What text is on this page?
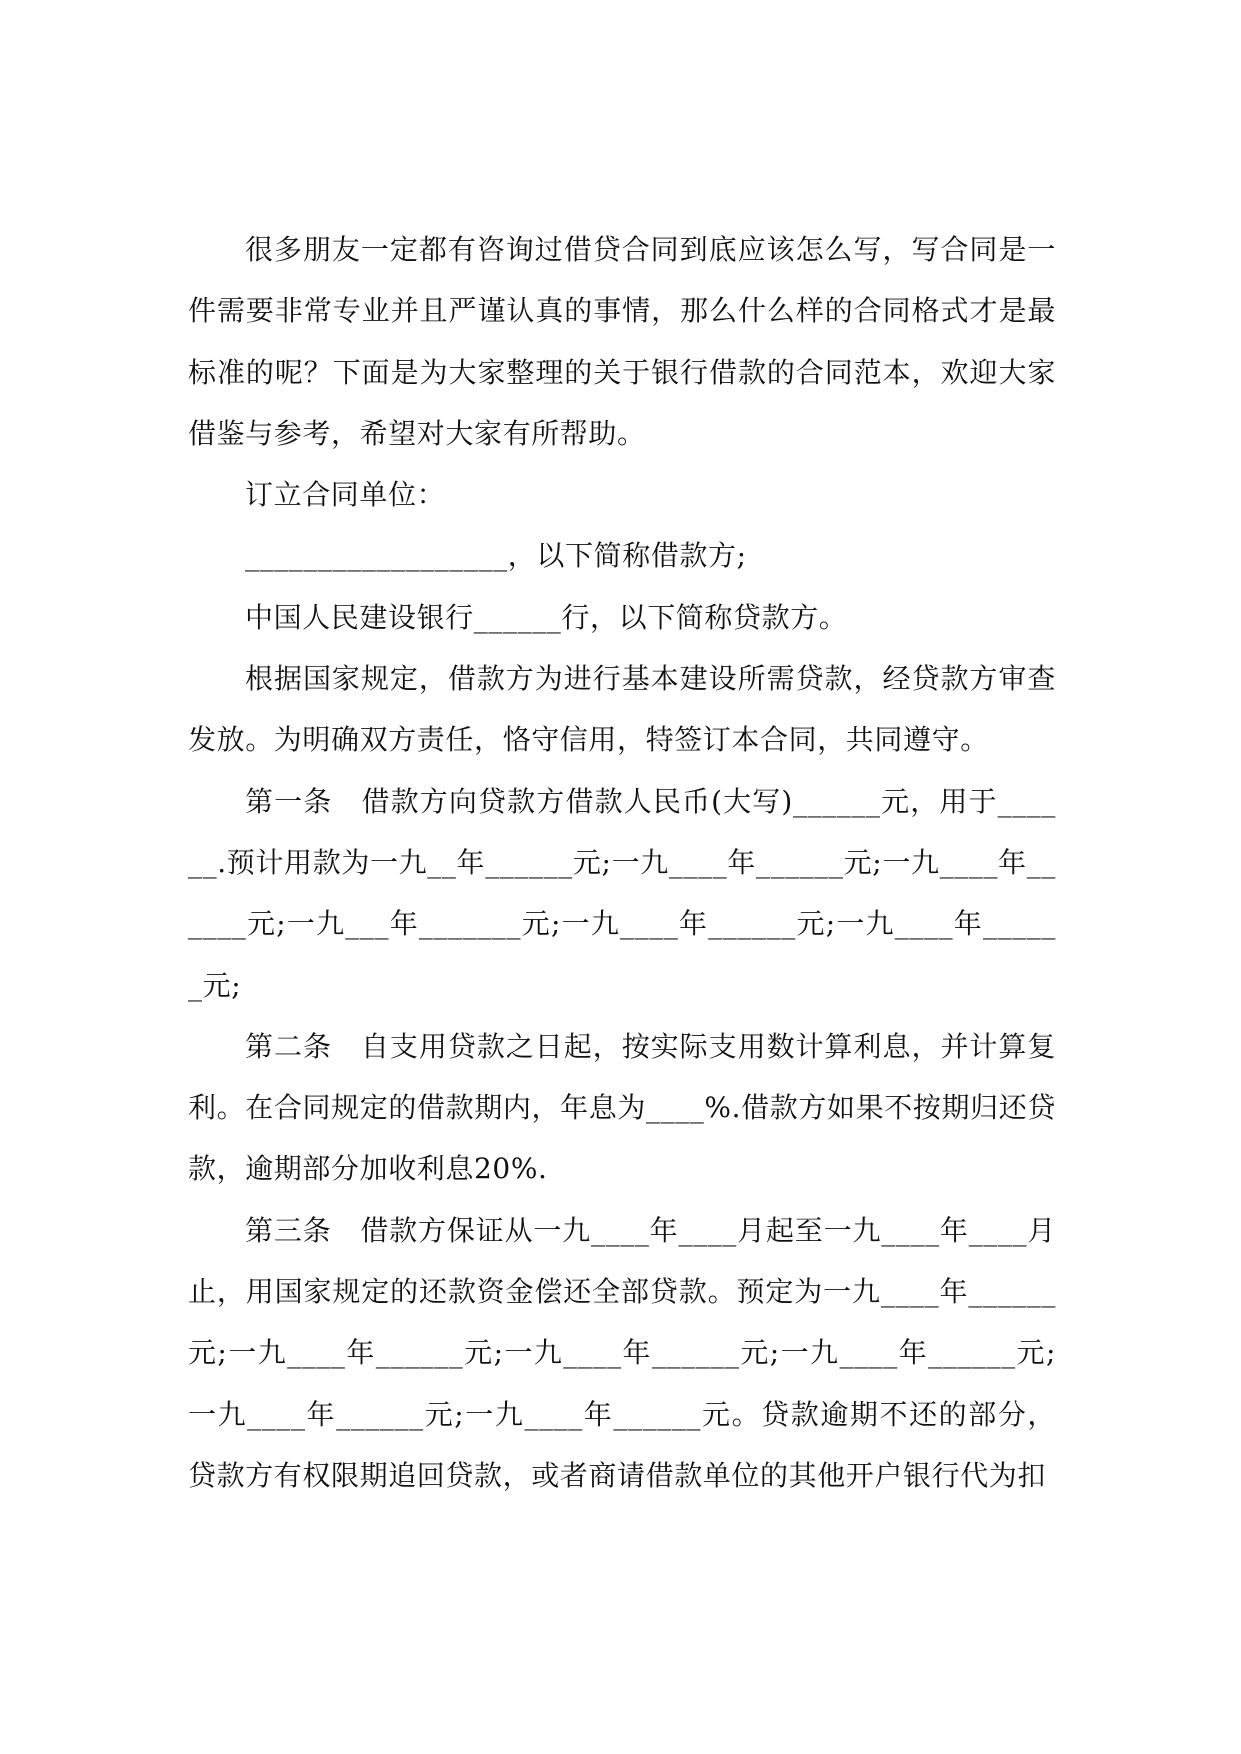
很多朋友一定都有咨询过借贷合同到底应该怎么写，写合同是一件需要非常专业并且严谨认真的事情，那么什么样的合同格式才是最标准的呢？下面是为大家整理的关于银行借款的合同范本，欢迎大家借鉴与参考，希望对大家有所帮助。

订立合同单位：

__________________，以下简称借款方;

中国人民建设银行______行，以下简称贷款方。

根据国家规定，借款方为进行基本建设所需贷款，经贷款方审查发放。为明确双方责任，恪守信用，特签订本合同，共同遵守。

第一条　借款方向贷款方借款人民币(大写)______元，用于______.预计用款为一九__年______元;一九____年______元;一九____年______元;一九___年_______元;一九____年______元;一九____年______元;

第二条　自支用贷款之日起，按实际支用数计算利息，并计算复利。在合同规定的借款期内，年息为____%.借款方如果不按期归还贷款，逾期部分加收利息20%.

第三条　借款方保证从一九____年____月起至一九____年____月止，用国家规定的还款资金偿还全部贷款。预定为一九____年______元;一九____年______元;一九____年______元;一九____年______元;一九____年______元;一九____年______元。贷款逾期不还的部分，贷款方有权限期追回贷款，或者商请借款单位的其他开户银行代为扣
